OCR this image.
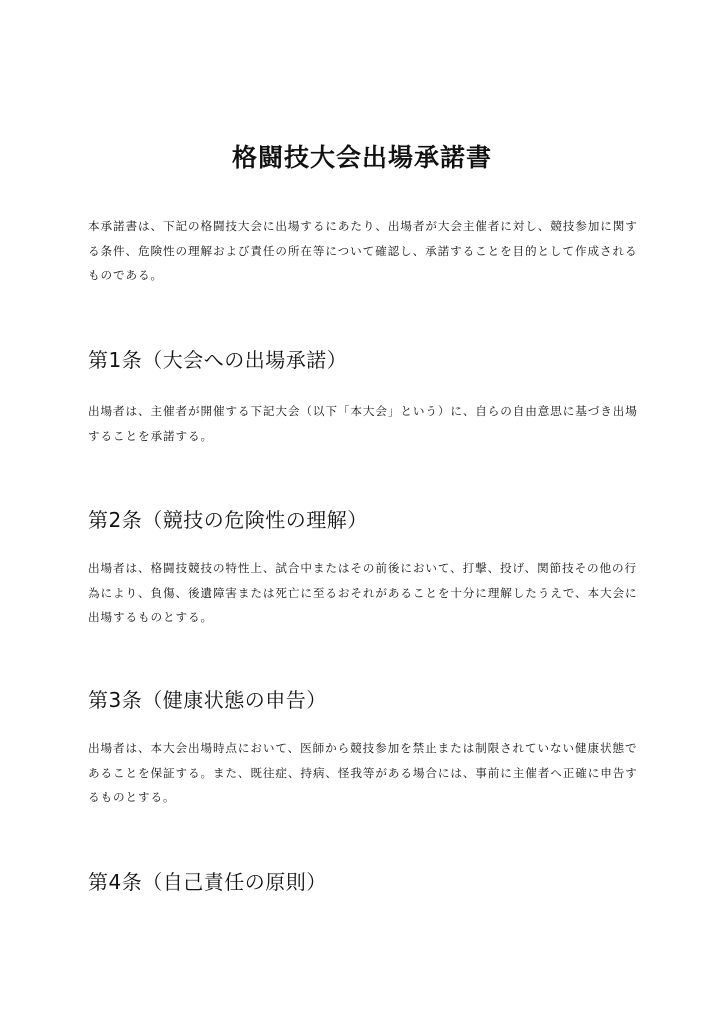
格闘技大会出場承諾書

本承諾書は、下記の格闘技大会に出場するにあたり、出場者が大会主催者に対し、競技参加に関する条件、危険性の理解および責任の所在等について確認し、承諾することを目的として作成されるものである。

第1条（大会への出場承諾）

出場者は、主催者が開催する下記大会（以下「本大会」という）に、自らの自由意思に基づき出場することを承諾する。

第2条（競技の危険性の理解）

出場者は、格闘技競技の特性上、試合中またはその前後において、打撃、投げ、関節技その他の行為により、負傷、後遺障害または死亡に至るおそれがあることを十分に理解したうえで、本大会に出場するものとする。

第3条（健康状態の申告）

出場者は、本大会出場時点において、医師から競技参加を禁止または制限されていない健康状態であることを保証する。また、既往症、持病、怪我等がある場合には、事前に主催者へ正確に申告するものとする。

第4条（自己責任の原則）
